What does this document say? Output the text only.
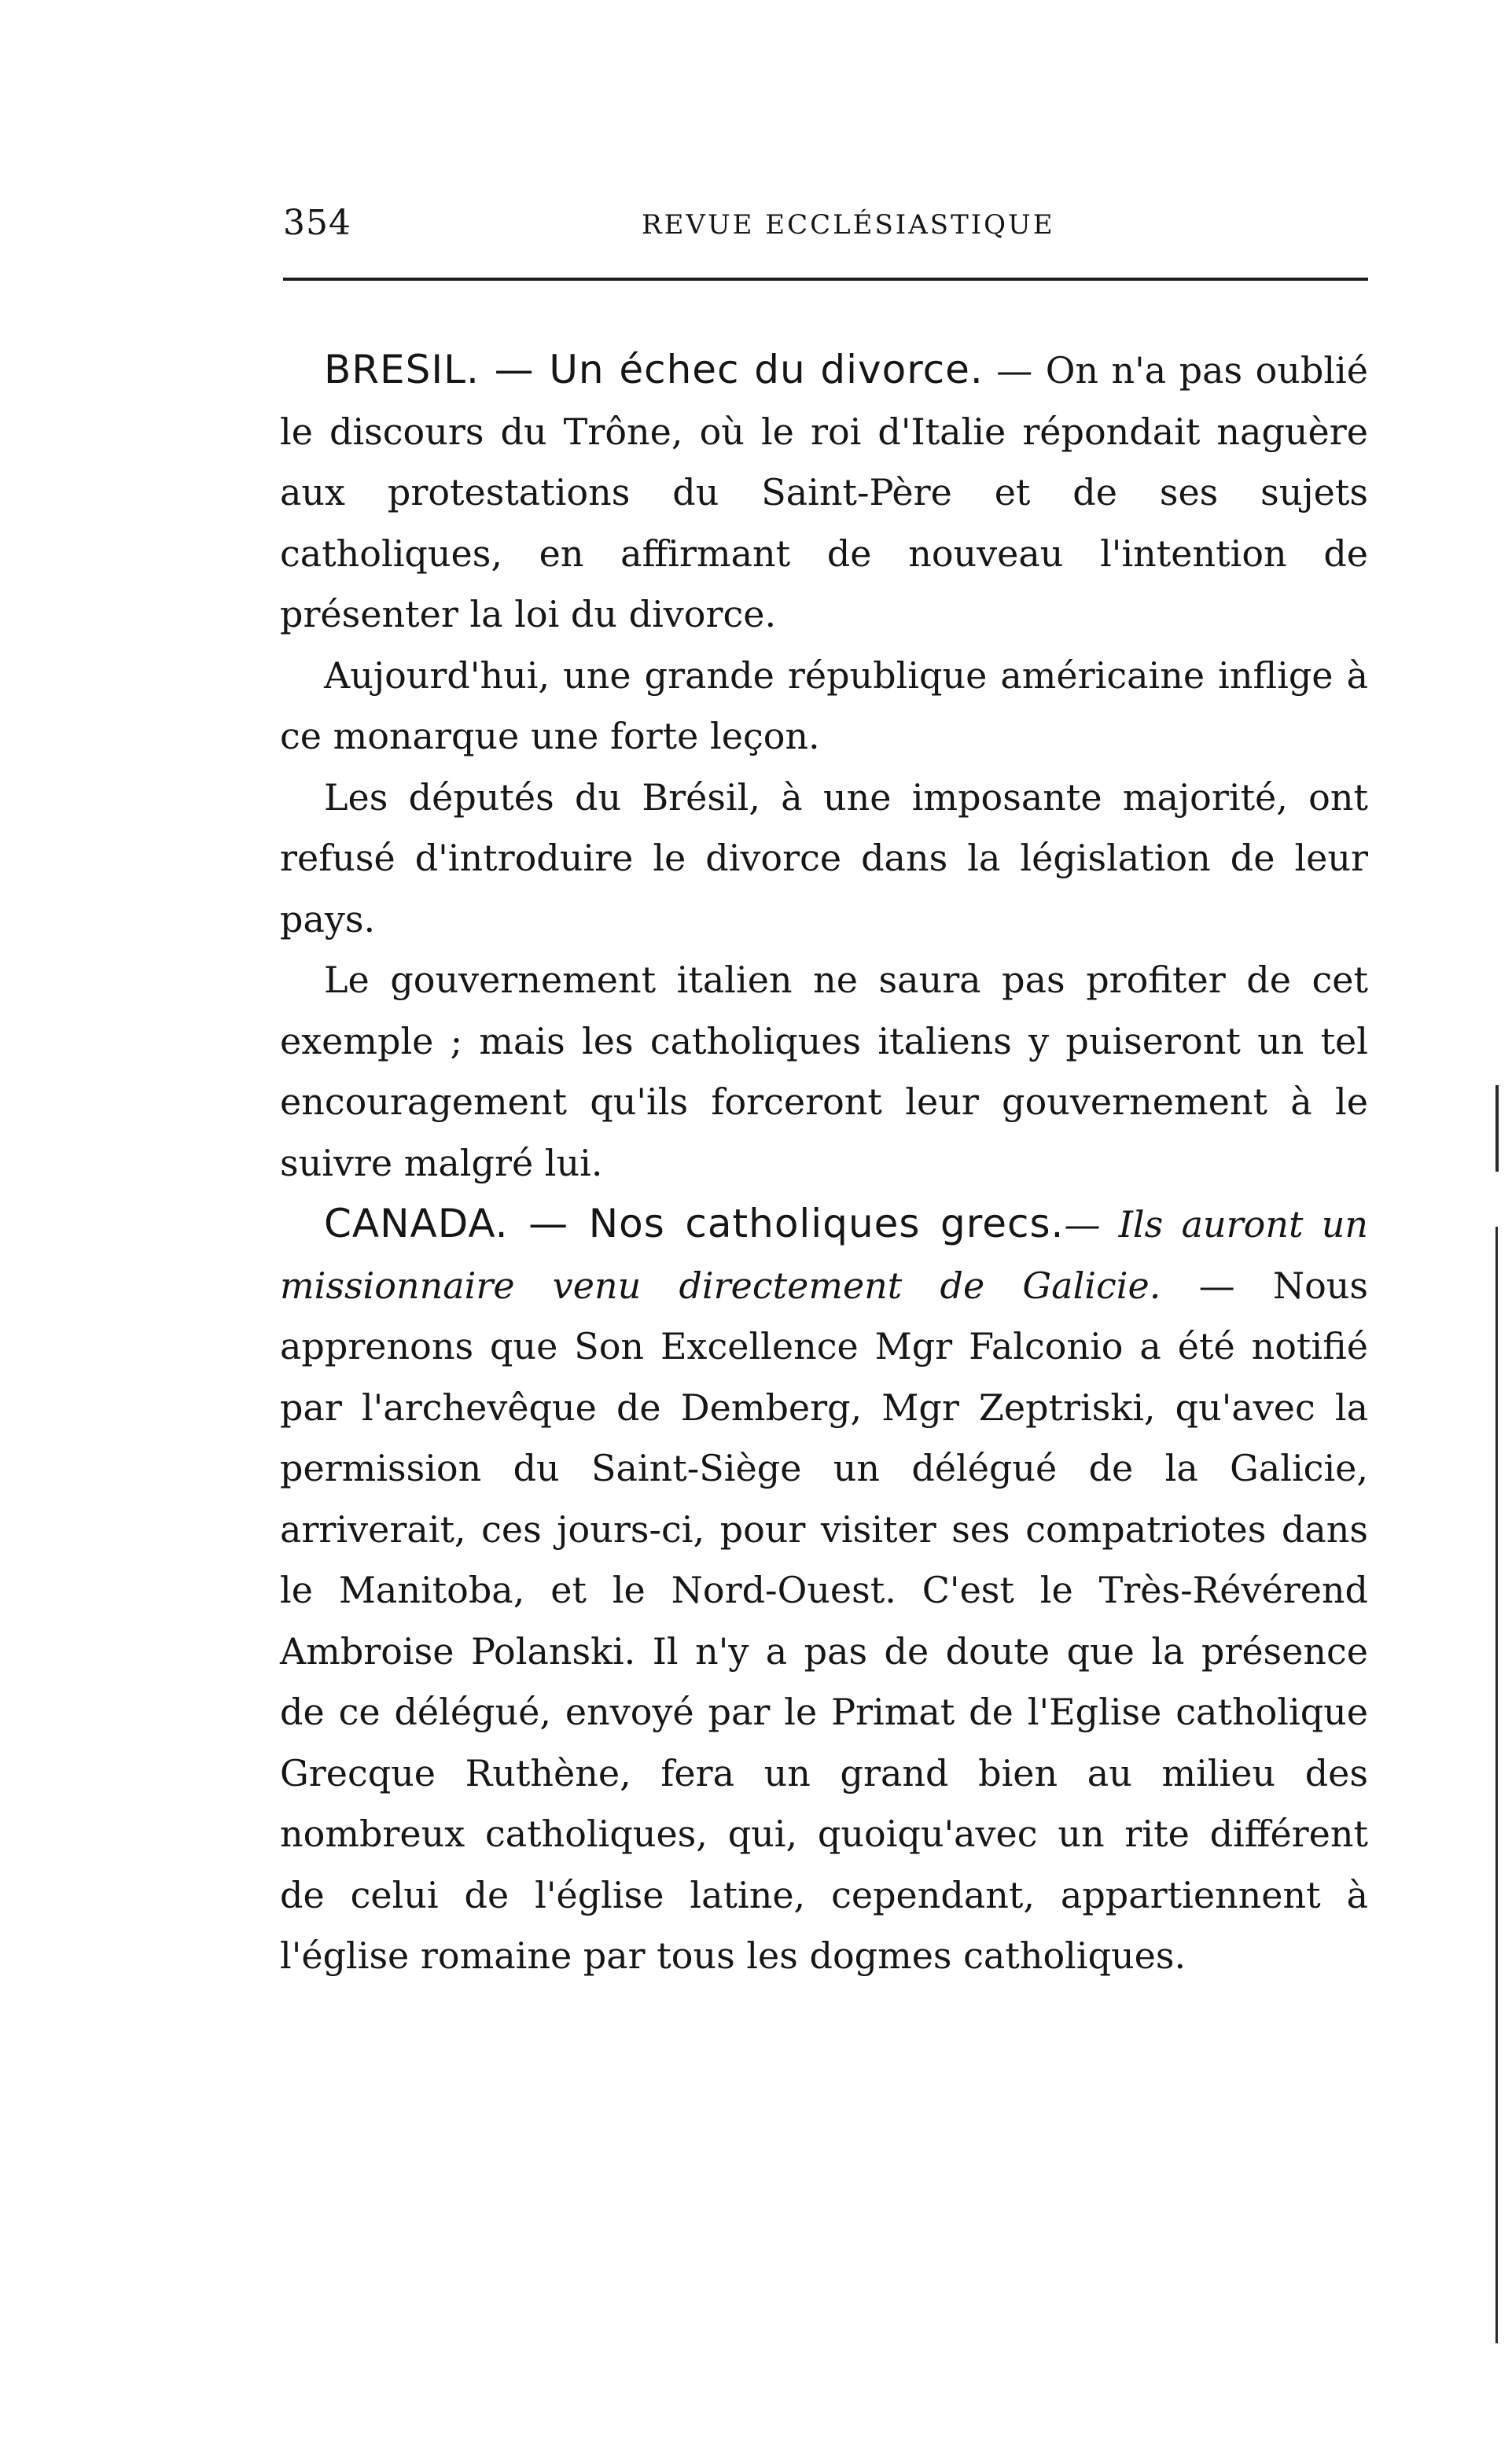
354	REVUE ECCLÉSIASTIQUE

BRESIL. — Un échec du divorce. — On n'a pas oublié le discours du Trône, où le roi d'Italie répondait naguère aux protestations du Saint-Père et de ses sujets catholiques, en affirmant de nouveau l'intention de présenter la loi du divorce.

Aujourd'hui, une grande république américaine inflige à ce monarque une forte leçon.

Les députés du Brésil, à une imposante majorité, ont refusé d'introduire le divorce dans la législation de leur pays.

Le gouvernement italien ne saura pas profiter de cet exemple ; mais les catholiques italiens y puiseront un tel encouragement qu'ils forceront leur gouvernement à le suivre malgré lui.

CANADA. — Nos catholiques grecs.— Ils auront un missionnaire venu directement de Galicie. — Nous apprenons que Son Excellence Mgr Falconio a été notifié par l'archevêque de Demberg, Mgr Zeptriski, qu'avec la permission du Saint-Siège un délégué de la Galicie, arriverait, ces jours-ci, pour visiter ses compatriotes dans le Manitoba, et le Nord-Ouest. C'est le Très-Révérend Ambroise Polanski. Il n'y a pas de doute que la présence de ce délégué, envoyé par le Primat de l'Eglise catholique Grecque Ruthène, fera un grand bien au milieu des nombreux catholiques, qui, quoiqu'avec un rite différent de celui de l'église latine, cependant, appartiennent à l'église romaine par tous les dogmes catholiques.
